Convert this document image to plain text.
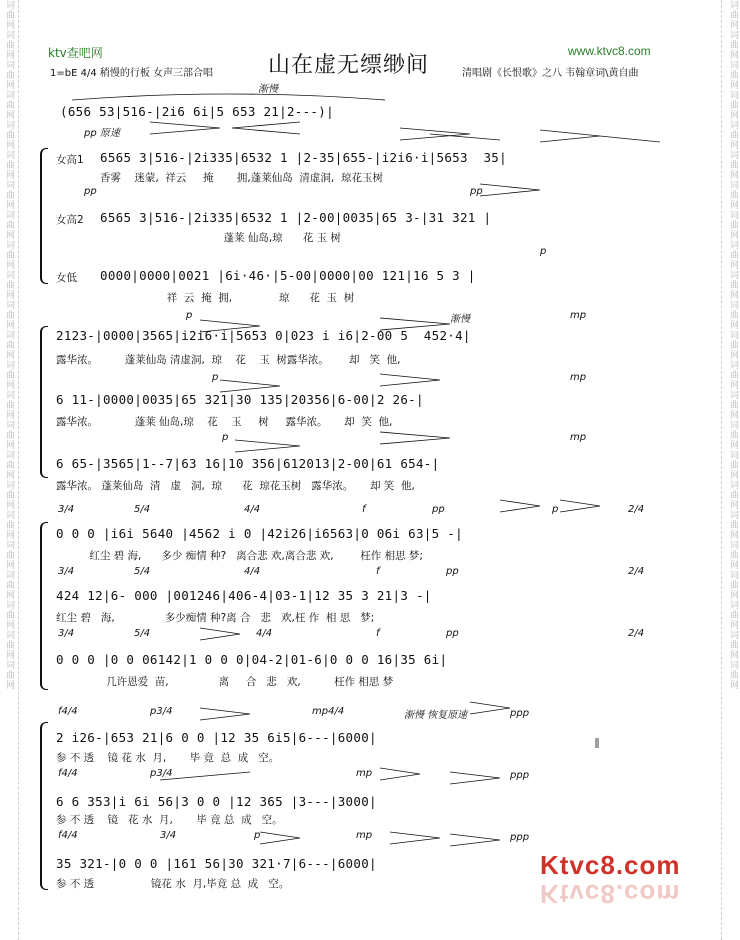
词曲网词曲网词曲网词曲网词曲网词曲网词曲网词曲网词曲网词曲网词曲网词曲网词曲网词曲网词曲网词曲网词曲网词曲网词曲网词曲网词曲网词曲网词曲网	词曲网词曲网词曲网词曲网词曲网词曲网词曲网词曲网词曲网词曲网词曲网词曲网词曲网词曲网词曲网词曲网词曲网词曲网词曲网词曲网词曲网词曲网词曲网
ktv查吧网	www.ktvc8.com
山在虚无缥缈间
1=bE 4/4 稍慢的行板 女声三部合唱	清唱剧《长恨歌》之八 韦翰章词\黄自曲
渐慢
(656 53|516-|2i6 6i|5 653 21|2---)|
pp 原速
女高1 6565 3|516-|2i335|6532 1 |2-35|655-|i2i6·i|5653  35|
香雾    迷蒙,  祥云     掩       拥,蓬莱仙岛  清虚洞,  琼花玉树
pp	pp
女高2 6565 3|516-|2i335|6532 1 |2-00|0035|65 3-|31 321 |
蓬莱 仙岛,琼      花 玉 树
p
女低 0000|0000|0021 |6i·46·|5-00|0000|00 121|16 5 3 |
祥  云  掩  拥,              琼      花  玉  树
p	渐慢	mp
2123-|0000|3565|i2i6·i|5653 0|023 i i6|2-00 5  452·4|
露华浓。        蓬莱仙岛 清虚洞,  琼    花    玉  树露华浓。      却   笑  他,
p	mp
6 11-|0000|0035|65 321|30 135|20356|6-00|2 26-|
露华浓。           蓬莱 仙岛,琼    花    玉     树     露华浓。     却  笑  他,
p	mp
6 65-|3565|1--7|63 16|10 356|612013|2-00|61 654-|
露华浓。 蓬莱仙岛  清   虚   洞,  琼      花  琼花玉树   露华浓。     却 笑  他,
3/4	5/4	4/4	f	pp	p	2/4
0 0 0 |i6i 5640 |4562 i 0 |42i26|i6563|0 06i 63|5 -|
红尘 碧 海,      多少 痴情 种?   离合悲 欢,离合悲 欢,        枉作 相思 梦;
3/4	5/4	4/4	f	pp	2/4
424 12|6- 000 |001246|406-4|03-1|12 35 3 21|3 -|
红尘 碧   海,               多少痴情 种?离 合   悲   欢,枉 作  相 思   梦;
3/4	5/4	4/4	f	pp	2/4
0 0 0 |0 0 06142|1 0 0 0|04-2|01-6|0 0 0 16|35 6i|
几许恩爱  苗,               离     合   悲   欢,          枉作 相思 梦
f4/4	p3/4	mp4/4	渐慢 恢复原速	ppp
2 i26-|653 21|6 0 0 |12 35 6i5|6---|6000|
参 不 透    镜 花 水  月,       毕 竟  总  成   空。
f4/4	p3/4	mp	ppp
6 6 353|i 6i 56|3 0 0 |12 365 |3---|3000|
参 不 透    镜   花 水  月,       毕 竟 总  成   空。
f4/4	3/4	p	mp	ppp
35 321-|0 0 0 |161 56|30 321·7|6---|6000|
参 不 透                 镜花 水  月,毕竟 总  成   空。
Ktvc8.com
Ktvc8.com
